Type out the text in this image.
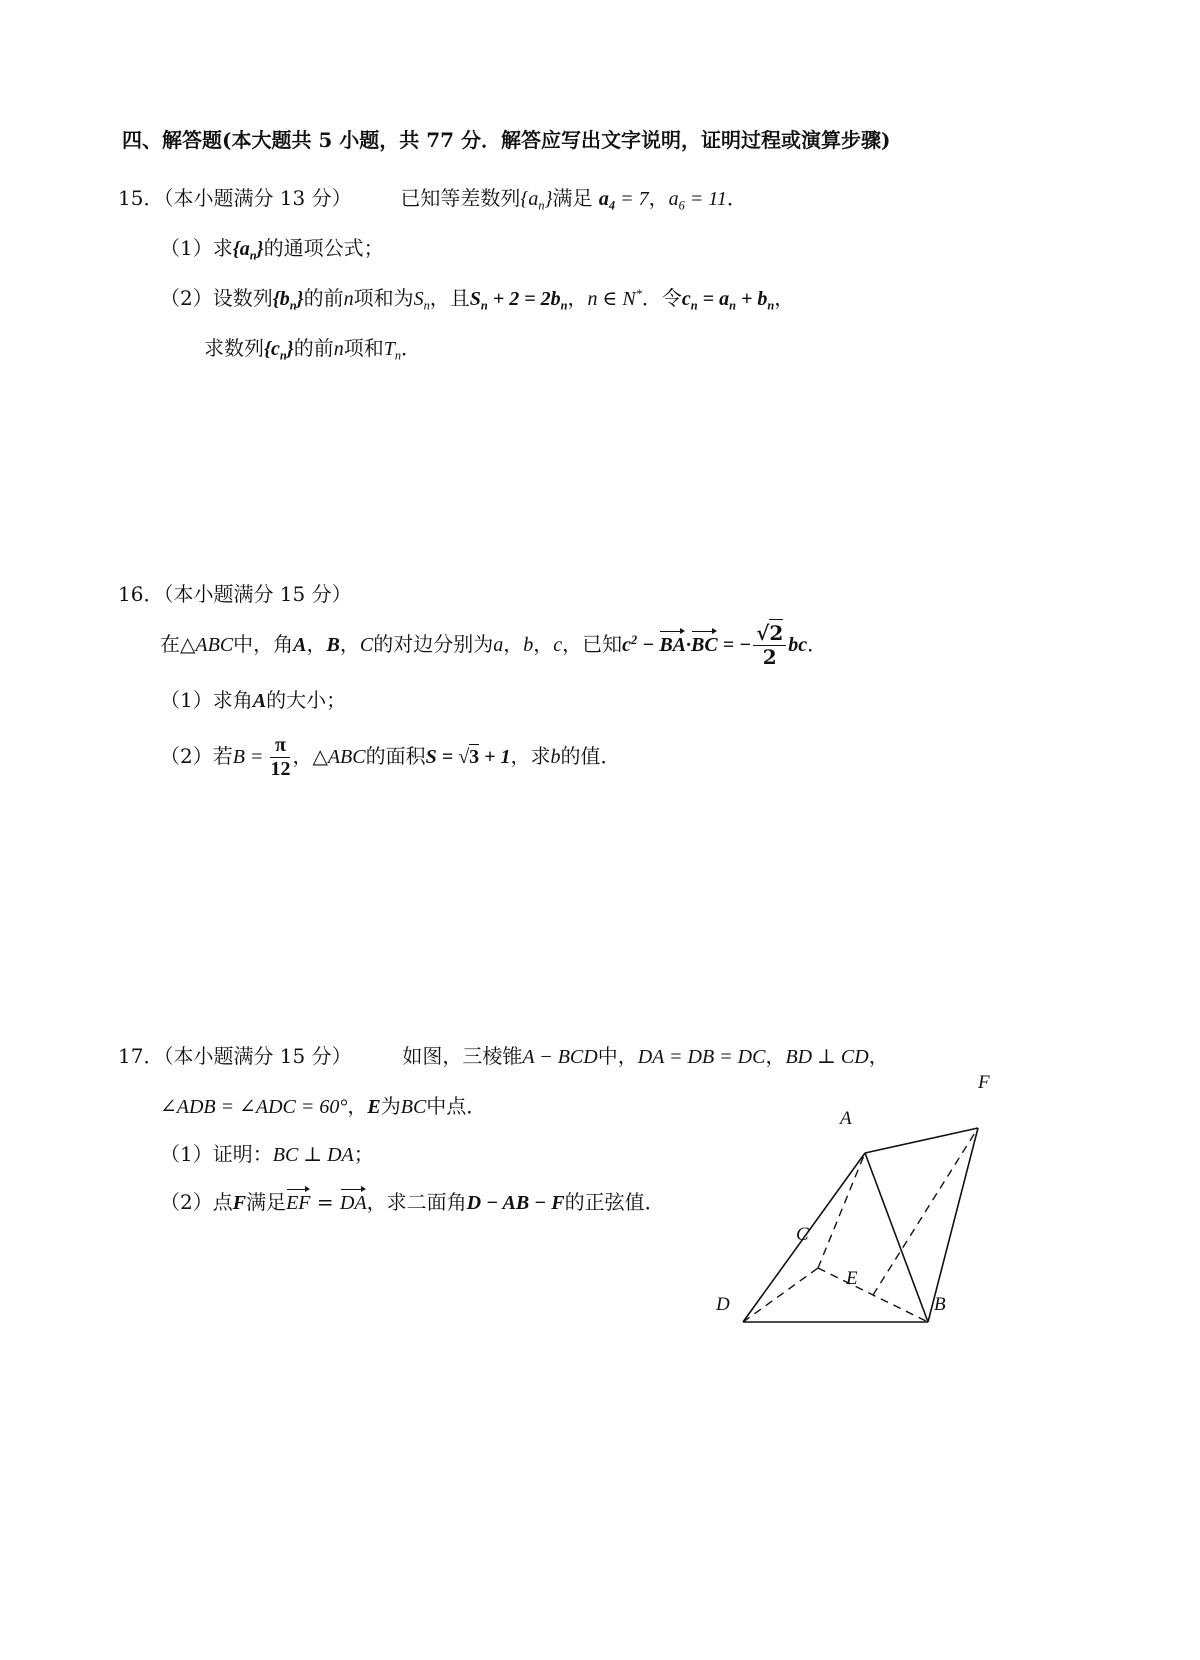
四、解答题(本大题共 5 小题，共 77 分．解答应写出文字说明，证明过程或演算步骤)
15．（本小题满分 13 分） 已知等差数列$\{a_n\}$满足 $a_4 = 7$，$a_6 = 11$．
（1）求$\{a_n\}$的通项公式；
（2）设数列$\{b_n\}$的前n项和为$S_n$，且$S_n + 2 = 2b_n$，n ∈ N*．令$c_n = a_n + b_n$，
求数列$\{c_n\}$的前n项和$T_n$．
16．（本小题满分 15 分）
在△ABC中，角A，B，C的对边分别为a，b，c，已知$c^2 - BA\cdot BC$ = − $\frac{√2}{2}$ bc．
（1）求角A的大小；
（2）若$B = \frac{\pi}{12}$ ，△ABC的面积S = √3 + 1，求b的值．
17．（本小题满分 15 分）	如图，三棱锥A − BCD中，DA = DB = DC，BD ⊥ CD，
∠ADB = ∠ADC = 60°，E为BC中点．
（1）证明：BC ⊥ DA；
（2）点F满足EF = DA，求二面角D − AB − F的正弦值．
A
F
C
E
D	B
